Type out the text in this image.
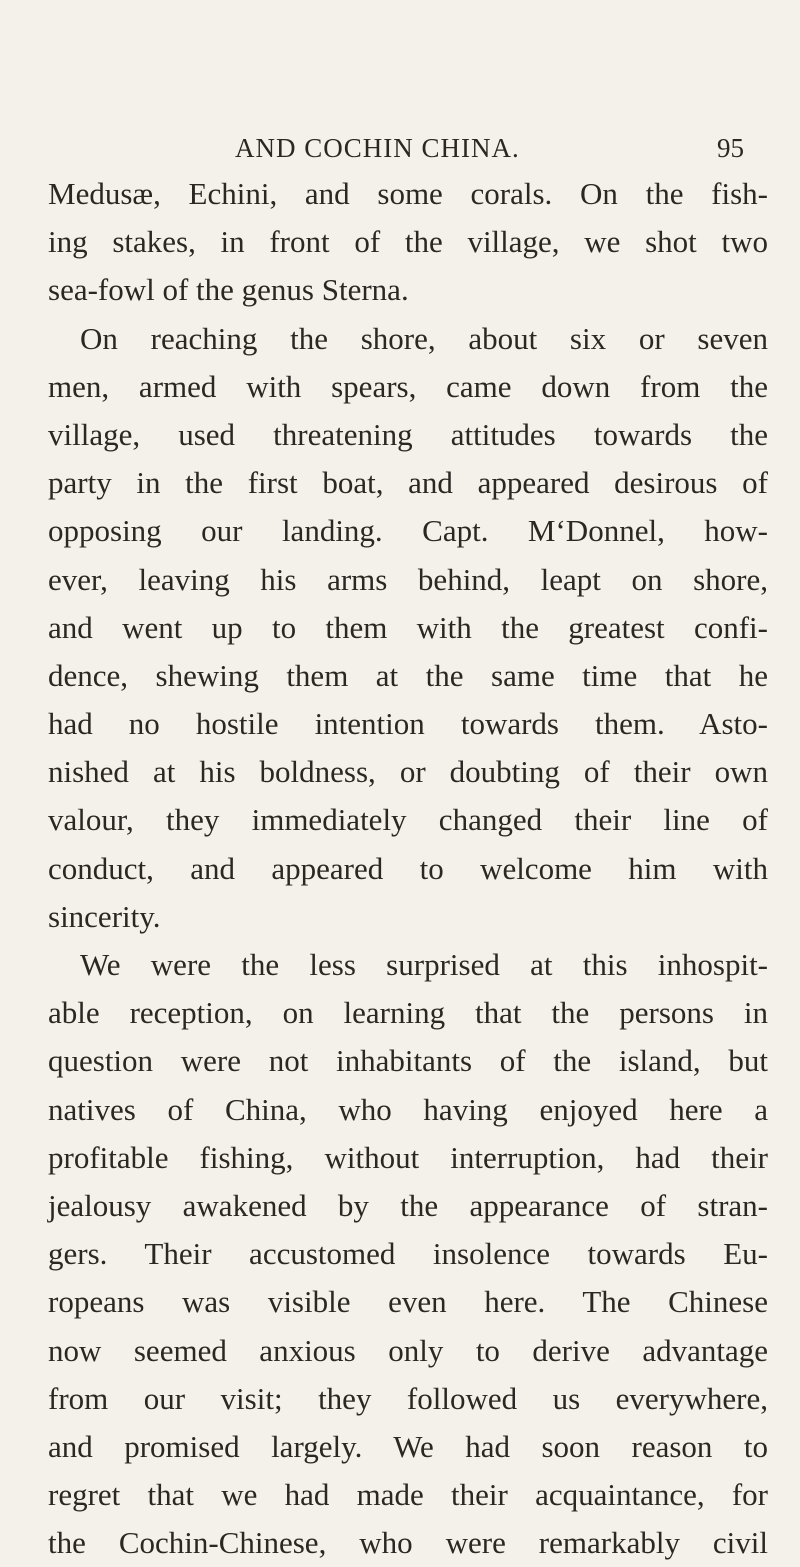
AND COCHIN CHINA.	95
Medusæ, Echini, and some corals. On the fish-
ing stakes, in front of the village, we shot two
sea-fowl of the genus Sterna.
On reaching the shore, about six or seven
men, armed with spears, came down from the
village, used threatening attitudes towards the
party in the first boat, and appeared desirous of
opposing our landing. Capt. M‘Donnel, how-
ever, leaving his arms behind, leapt on shore,
and went up to them with the greatest confi-
dence, shewing them at the same time that he
had no hostile intention towards them. Asto-
nished at his boldness, or doubting of their own
valour, they immediately changed their line of
conduct, and appeared to welcome him with
sincerity.
We were the less surprised at this inhospit-
able reception, on learning that the persons in
question were not inhabitants of the island, but
natives of China, who having enjoyed here a
profitable fishing, without interruption, had their
jealousy awakened by the appearance of stran-
gers. Their accustomed insolence towards Eu-
ropeans was visible even here. The Chinese
now seemed anxious only to derive advantage
from our visit; they followed us everywhere,
and promised largely. We had soon reason to
regret that we had made their acquaintance, for
the Cochin-Chinese, who were remarkably civil
